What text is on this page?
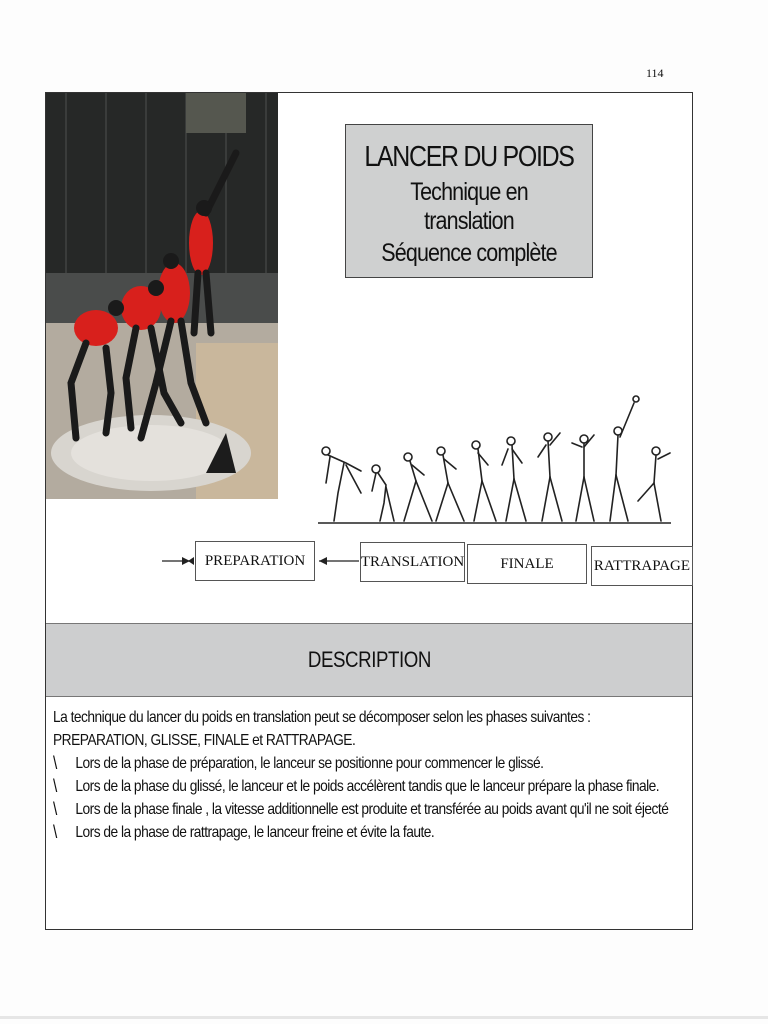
114
LANCER DU POIDS
Technique en translation
Séquence complète
PREPARATION	TRANSLATION	FINALE	RATTRAPAGE
DESCRIPTION
La technique du lancer du poids en translation peut se décomposer selon les phases suivantes :
PREPARATION, GLISSE, FINALE et RATTRAPAGE.
\	Lors de la phase de préparation, le lanceur se positionne pour commencer le glissé.
\	Lors de la phase du glissé, le lanceur et le poids accélèrent tandis que le lanceur prépare la phase finale.
\	Lors de la phase finale , la vitesse additionnelle est produite et transférée au poids avant qu'il ne soit éjecté
\	Lors de la phase de rattrapage, le lanceur freine et évite la faute.
